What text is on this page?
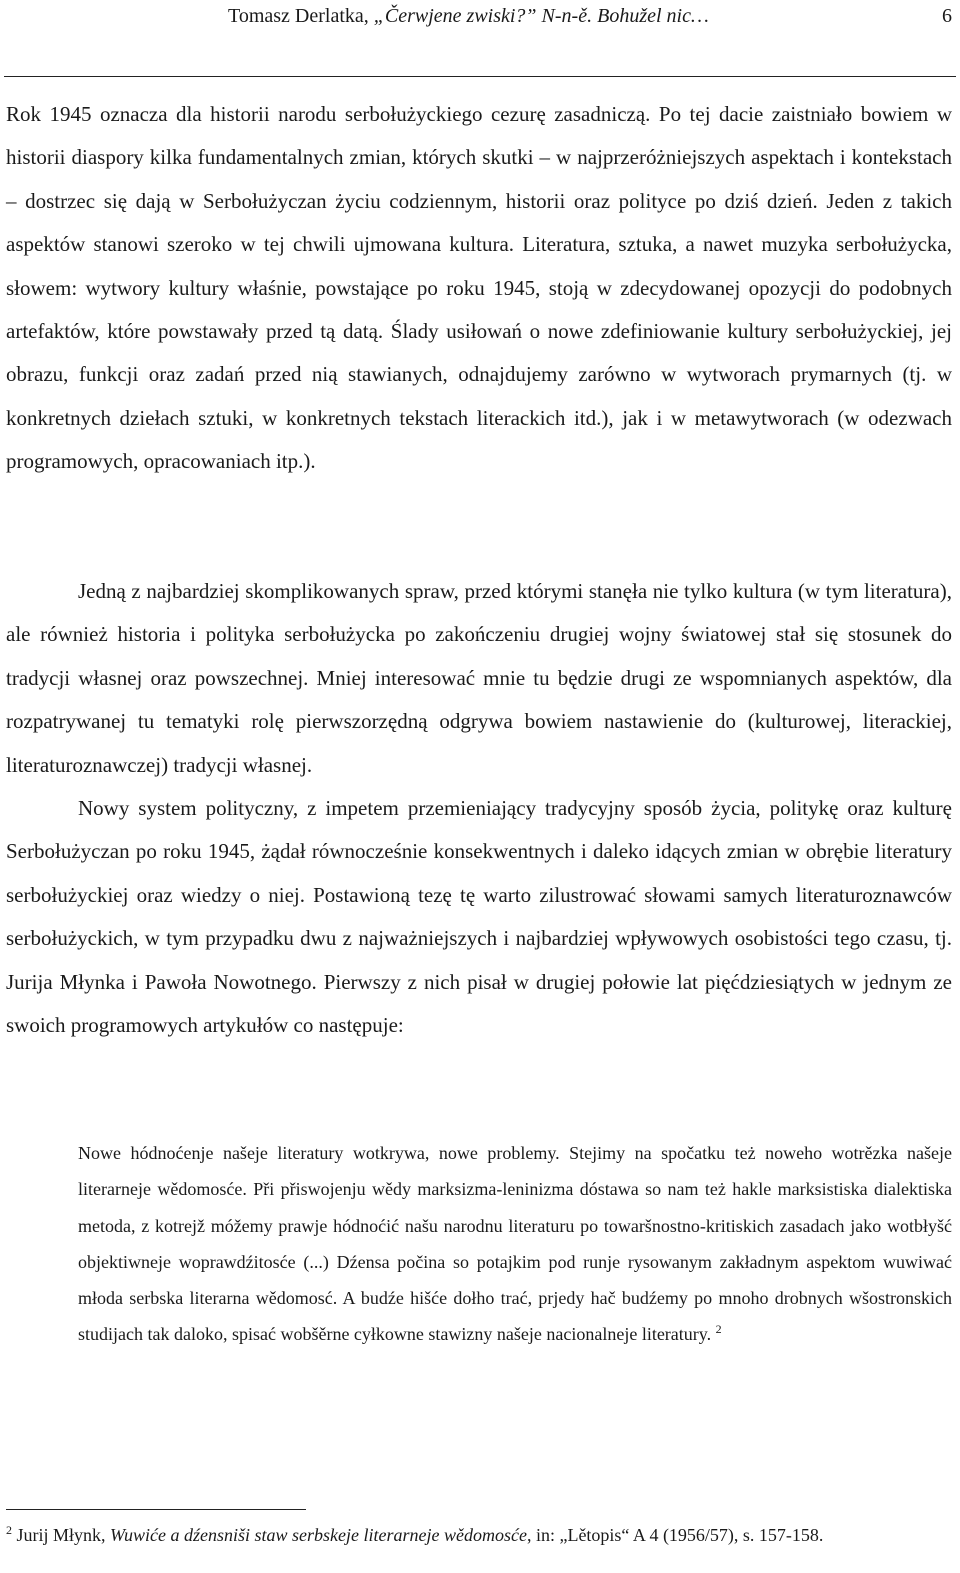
Tomasz Derlatka, „Čerwjene zwiski?” N-n-ě. Bohužel nic…	6

Rok 1945 oznacza dla historii narodu serbołużyckiego cezurę zasadniczą. Po tej dacie zaistniało bowiem w historii diaspory kilka fundamentalnych zmian, których skutki – w najprzeróżniejszych aspektach i kontekstach – dostrzec się dają w Serbołużyczan życiu codziennym, historii oraz polityce po dziś dzień. Jeden z takich aspektów stanowi szeroko w tej chwili ujmowana kultura. Literatura, sztuka, a nawet muzyka serbołużycka, słowem: wytwory kultury właśnie, powstające po roku 1945, stoją w zdecydowanej opozycji do podobnych artefaktów, które powstawały przed tą datą. Ślady usiłowań o nowe zdefiniowanie kultury serbołużyckiej, jej obrazu, funkcji oraz zadań przed nią stawianych, odnajdujemy zarówno w wytworach prymarnych (tj. w konkretnych dziełach sztuki, w konkretnych tekstach literackich itd.), jak i w metawytworach (w odezwach programowych, opracowaniach itp.).

Jedną z najbardziej skomplikowanych spraw, przed którymi stanęła nie tylko kultura (w tym literatura), ale również historia i polityka serbołużycka po zakończeniu drugiej wojny światowej stał się stosunek do tradycji własnej oraz powszechnej. Mniej interesować mnie tu będzie drugi ze wspomnianych aspektów, dla rozpatrywanej tu tematyki rolę pierwszorzędną odgrywa bowiem nastawienie do (kulturowej, literackiej, literaturoznawczej) tradycji własnej.

Nowy system polityczny, z impetem przemieniający tradycyjny sposób życia, politykę oraz kulturę Serbołużyczan po roku 1945, żądał równocześnie konsekwentnych i daleko idących zmian w obrębie literatury serbołużyckiej oraz wiedzy o niej. Postawioną tezę tę warto zilustrować słowami samych literaturoznawców serbołużyckich, w tym przypadku dwu z najważniejszych i najbardziej wpływowych osobistości tego czasu, tj. Jurija Młynka i Pawoła Nowotnego. Pierwszy z nich pisał w drugiej połowie lat pięćdziesiątych w jednym ze swoich programowych artykułów co następuje:

Nowe hódnoćenje našeje literatury wotkrywa, nowe problemy. Stejimy na spočatku też noweho wotrězka našeje literarneje wědomosće. Při přiswojenju wědy marksizma-leninizma dóstawa so nam też hakle marksistiska dialektiska metoda, z kotrejž móžemy prawje hódnoćić našu narodnu literaturu po towaršnostno-kritiskich zasadach jako wotbłyšć objektiwneje woprawdźitosće (...) Dźensa počina so potajkim pod runje rysowanym zakładnym aspektom wuwiwać młoda serbska literarna wědomosć. A budźe hišće dołho trać, prjedy hač budźemy po mnoho drobnych wšostronskich studijach tak daloko, spisać wobšěrne cyłkowne stawizny našeje nacionalneje literatury. $^2$

$^2$ Jurij Młynk, Wuwiće a dźensniši staw serbskeje literarneje wědomosće, in: „Lětopis“ A 4 (1956/57), s. 157-158.
